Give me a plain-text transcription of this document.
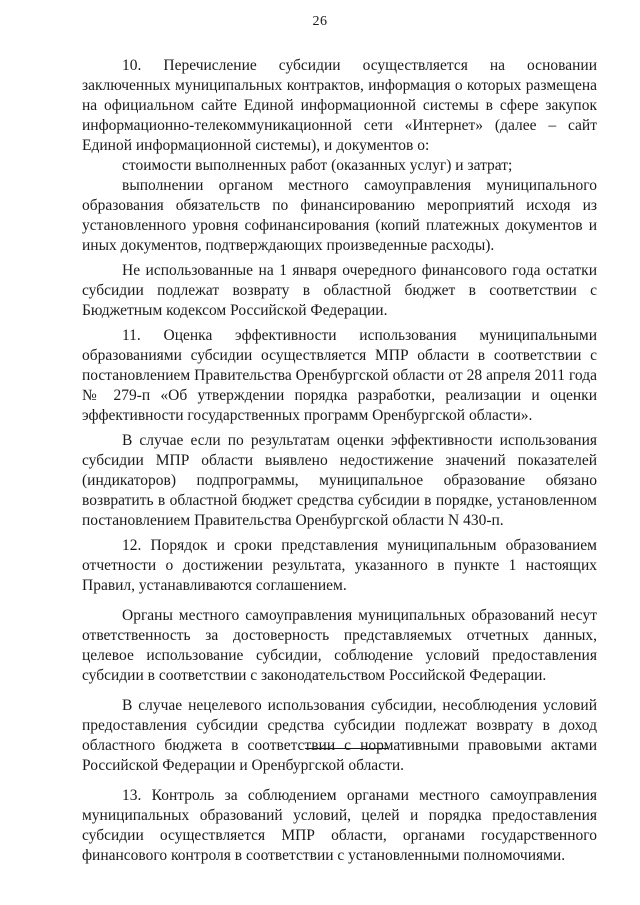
26

10. Перечисление субсидии осуществляется на основании заключенных муниципальных контрактов, информация о которых размещена на официальном сайте Единой информационной системы в сфере закупок информационно-телекоммуникационной сети «Интернет» (далее – сайт Единой информационной системы), и документов о:

стоимости выполненных работ (оказанных услуг) и затрат;

выполнении органом местного самоуправления муниципального образования обязательств по финансированию мероприятий исходя из установленного уровня софинансирования (копий платежных документов и иных документов, подтверждающих произведенные расходы).

Не использованные на 1 января очередного финансового года остатки субсидии подлежат возврату в областной бюджет в соответствии с Бюджетным кодексом Российской Федерации.

11. Оценка эффективности использования муниципальными образованиями субсидии осуществляется МПР области в соответствии с постановлением Правительства Оренбургской области от 28 апреля 2011 года № 279-п «Об утверждении порядка разработки, реализации и оценки эффективности государственных программ Оренбургской области».

В случае если по результатам оценки эффективности использования субсидии МПР области выявлено недостижение значений показателей (индикаторов) подпрограммы, муниципальное образование обязано возвратить в областной бюджет средства субсидии в порядке, установленном постановлением Правительства Оренбургской области N 430-п.

12. Порядок и сроки представления муниципальным образованием отчетности о достижении результата, указанного в пункте 1 настоящих Правил, устанавливаются соглашением.

Органы местного самоуправления муниципальных образований несут ответственность за достоверность представляемых отчетных данных, целевое использование субсидии, соблюдение условий предоставления субсидии в соответствии с законодательством Российской Федерации.

В случае нецелевого использования субсидии, несоблюдения условий предоставления субсидии средства субсидии подлежат возврату в доход областного бюджета в соответствии с нормативными правовыми актами Российской Федерации и Оренбургской области.

13. Контроль за соблюдением органами местного самоуправления муниципальных образований условий, целей и порядка предоставления субсидии осуществляется МПР области, органами государственного финансового контроля в соответствии с установленными полномочиями.
